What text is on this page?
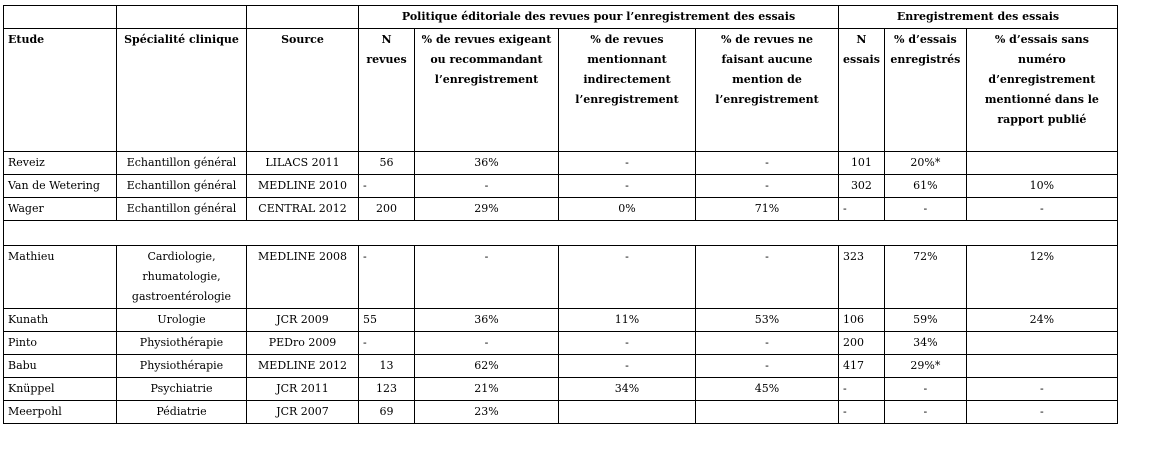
			Politique éditoriale des revues pour l’enregistrement des essais				Enregistrement des essais		
Etude	Spécialité clinique	Source	N revues	% de revues exigeant ou recommandant l’enregistrement	% de revues mentionnant indirectement l’enregistrement	% de revues ne faisant aucune mention de l’enregistrement	N essais	% d’essais enregistrés	% d’essais sans numéro d’enregistrement mentionné dans le rapport publié
Reveiz	Echantillon général	LILACS 2011	56	36%	-	-	101	20%*	
Van de Wetering	Echantillon général	MEDLINE 2010	-	-	-	-	302	61%	10%
Wager	Echantillon général	CENTRAL 2012	200	29%	0%	71%	-	-	-

Mathieu	Cardiologie, rhumatologie, gastroentérologie	MEDLINE 2008	-	-	-	-	323	72%	12%
Kunath	Urologie	JCR 2009	55	36%	11%	53%	106	59%	24%
Pinto	Physiothérapie	PEDro 2009	-	-	-	-	200	34%	
Babu	Physiothérapie	MEDLINE 2012	13	62%	-	-	417	29%*	
Knüppel	Psychiatrie	JCR 2011	123	21%	34%	45%	-	-	-
Meerpohl	Pédiatrie	JCR 2007	69	23%			-	-	-
